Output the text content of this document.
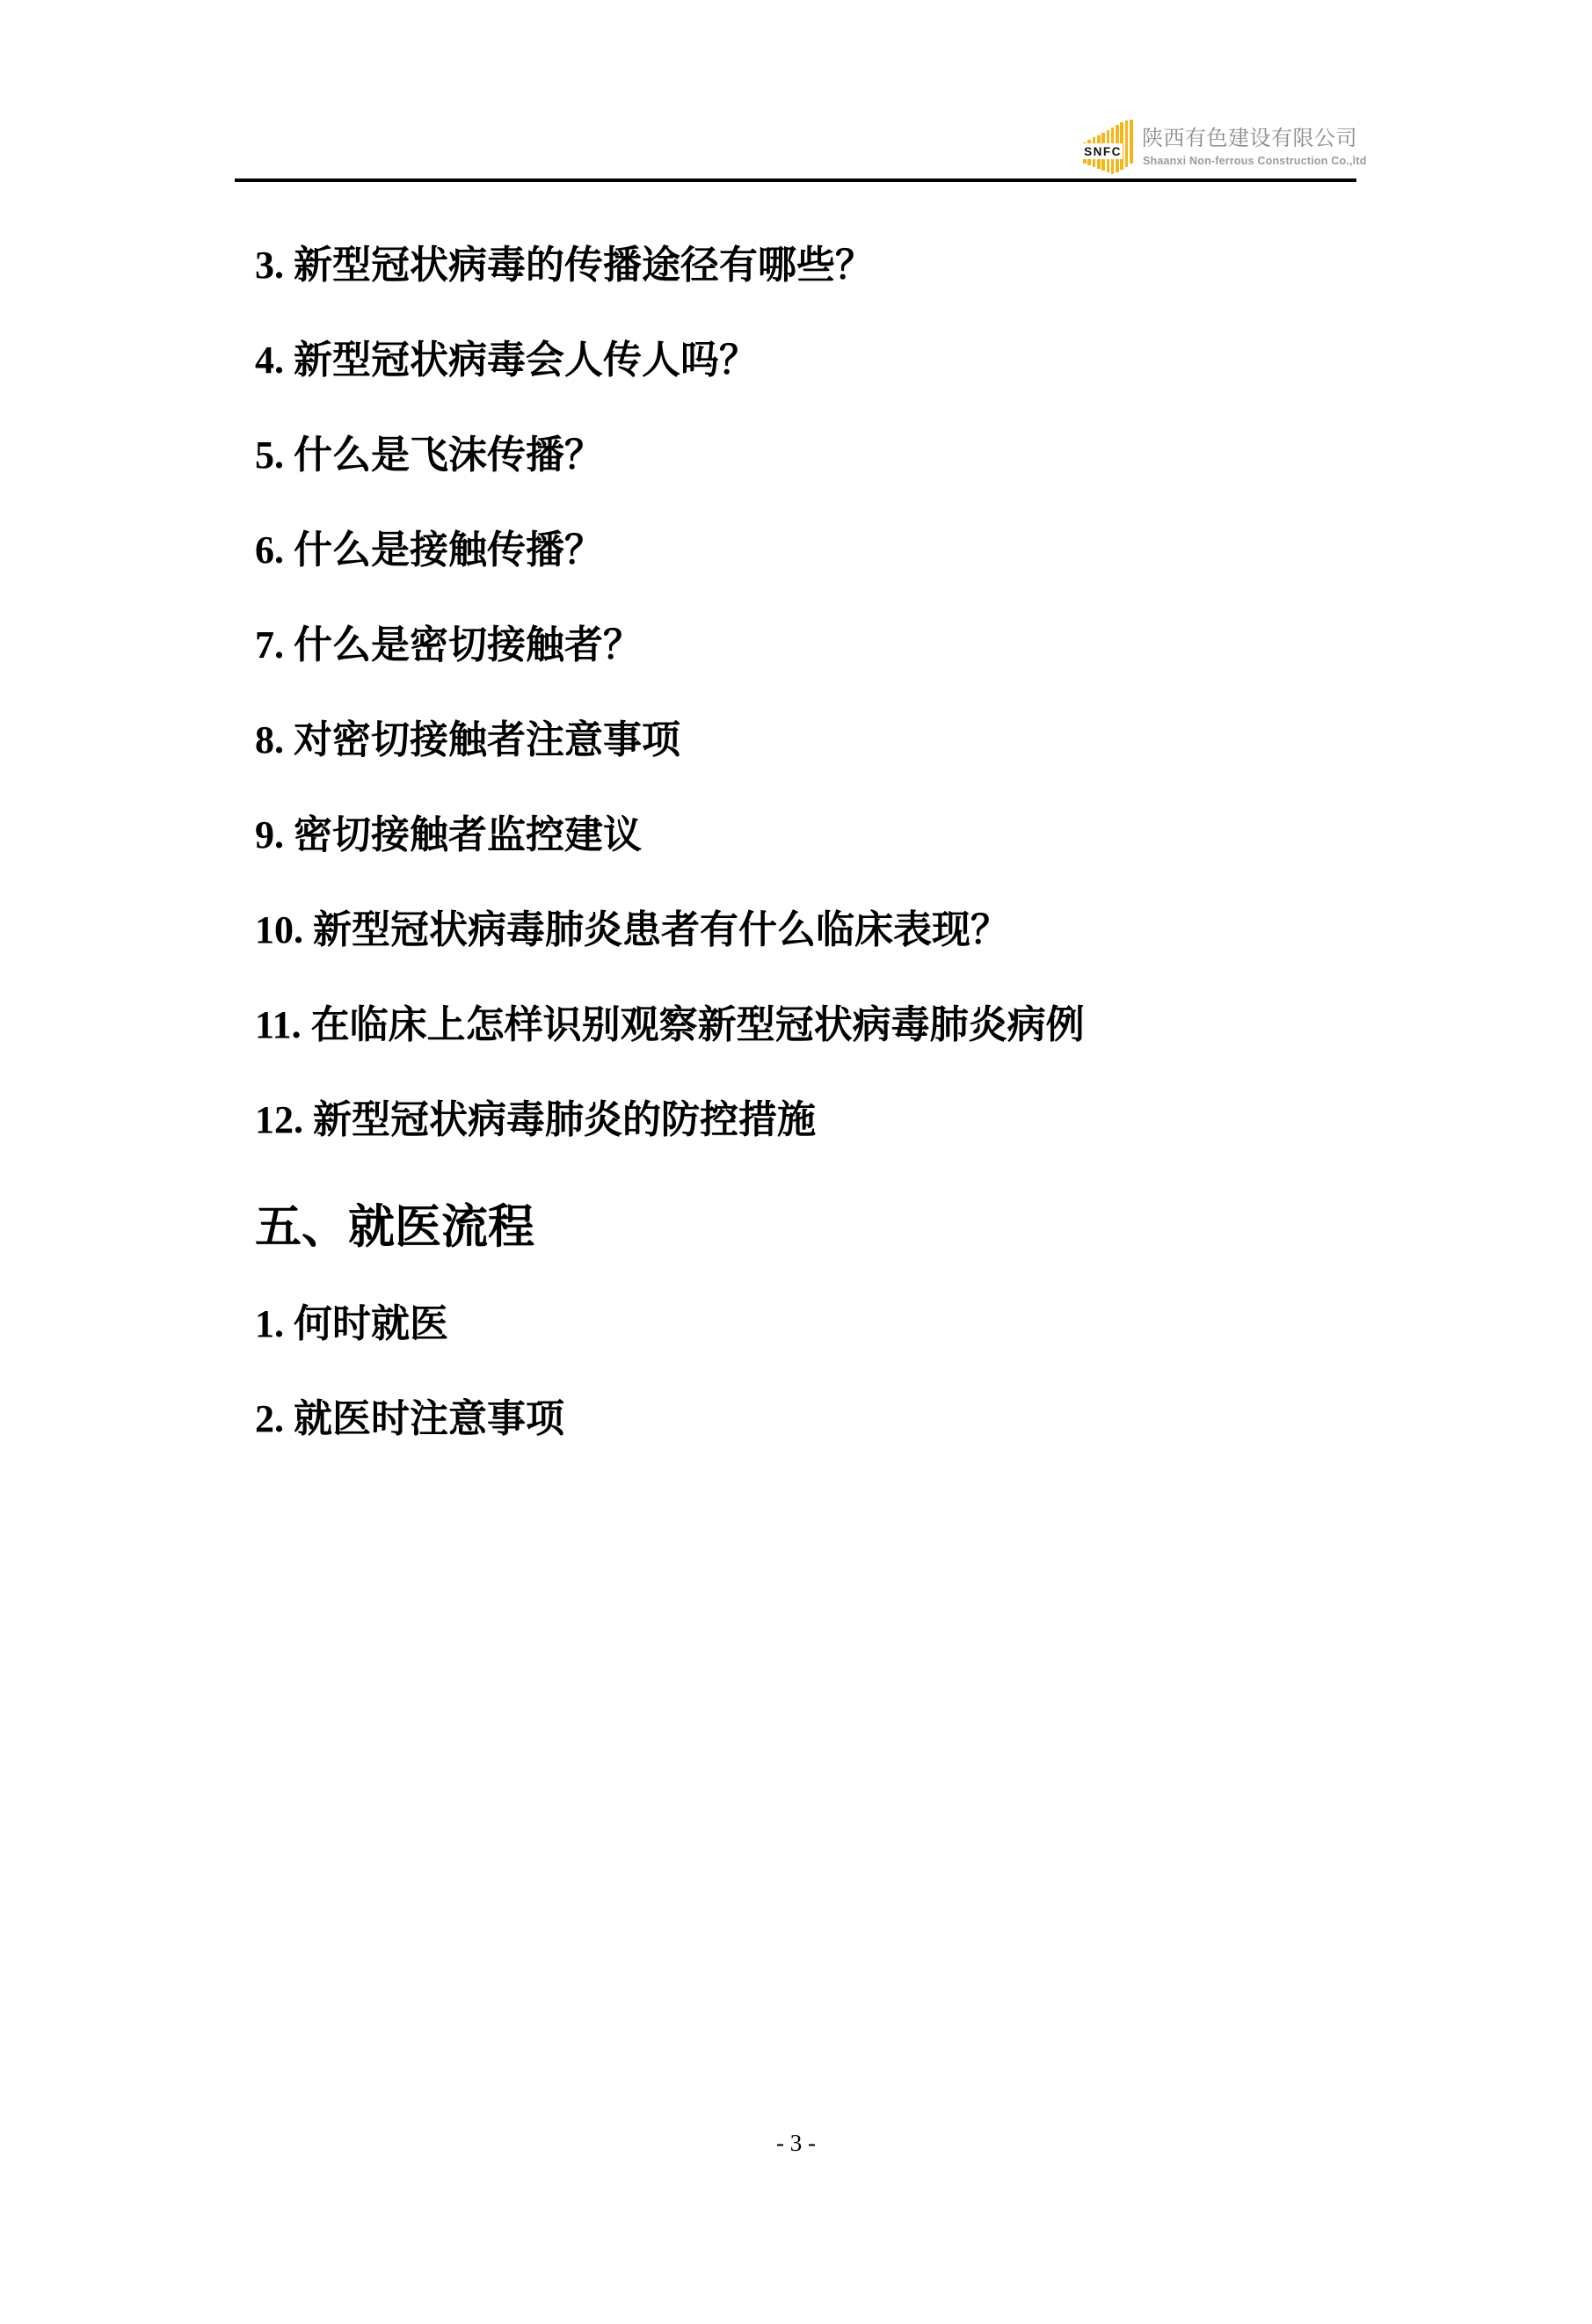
SNFC
陕西有色建设有限公司
Shaanxi Non-ferrous Construction Co.,ltd
3. 新型冠状病毒的传播途径有哪些？
4. 新型冠状病毒会人传人吗？
5. 什么是飞沫传播？
6. 什么是接触传播？
7. 什么是密切接触者？
8. 对密切接触者注意事项
9. 密切接触者监控建议
10. 新型冠状病毒肺炎患者有什么临床表现？
11. 在临床上怎样识别观察新型冠状病毒肺炎病例
12. 新型冠状病毒肺炎的防控措施
五、就医流程
1. 何时就医
2. 就医时注意事项
- 3 -
